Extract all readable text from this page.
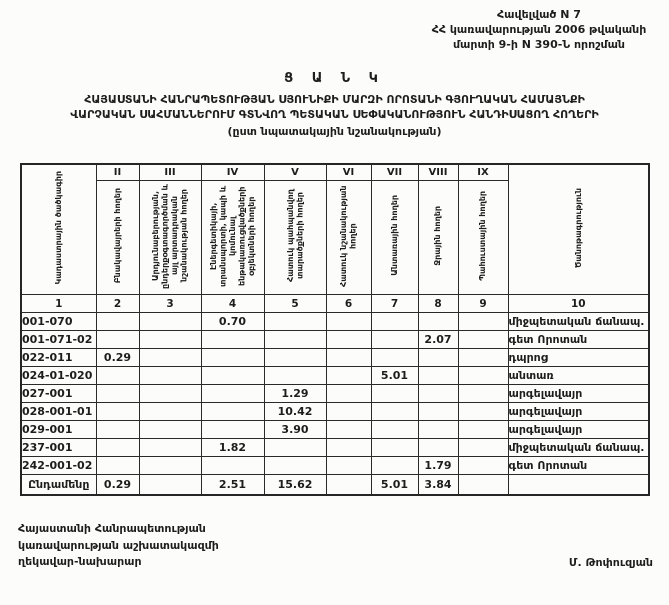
Հավելված N 7
ՀՀ կառավարության 2006 թվականի
մարտի 9-ի N 390-Ն որոշման
Ց Ա Ն Կ
ՀԱՅԱՍՏԱՆԻ ՀԱՆՐԱՊԵՏՈՒԹՅԱՆ ՍՅՈՒՆԻՔԻ ՄԱՐԶԻ ՈՐՈՏԱՆԻ ԳՅՈՒՂԱԿԱՆ ՀԱՄԱՅՆՔԻ
ՎԱՐՉԱԿԱՆ ՍԱՀՄԱՆՆԵՐՈՒՄ ԳՏՆՎՈՂ ՊԵՏԱԿԱՆ ՍԵՓԱԿԱՆՈՒԹՅՈՒՆ ՀԱՆԴԻՍԱՑՈՂ ՀՈՂԵՐԻ
(ըստ նպատակային նշանակության)
Կադաստրային ծածկագիր	II	III	IV	V	VI	VII	VIII	IX	Ծանոթագրություն
	Բնակավայրերի հողեր	Արդյունաբերության, ընդերքօգտագործման և այլ արտադրական նշանակության հողեր	Էներգետիկայի, տրանսպորտի, կապի և կոմունալ ենթակառուցվածքների օբյեկտների հողեր	Հատուկ պահպանվող տարածքների հողեր	Հատուկ նշանակության հողեր	Անտառային հողեր	Ջրային հողեր	Պահուստային հողեր	
1	2	3	4	5	6	7	8	9	10
001-070			0.70						միջպետական ճանապ.
001-071-02							2.07		գետ Որոտան
022-011	0.29								դպրոց
024-01-020						5.01			անտառ
027-001				1.29					արգելավայր
028-001-01				10.42					արգելավայր
029-001				3.90					արգելավայր
237-001			1.82						միջպետական ճանապ.
242-001-02							1.79		գետ Որոտան
Ընդամենը	0.29		2.51	15.62		5.01	3.84		
Հայաստանի Հանրապետության
կառավարության աշխատակազմի
ղեկավար-նախարար	Մ. Թոփուզյան
